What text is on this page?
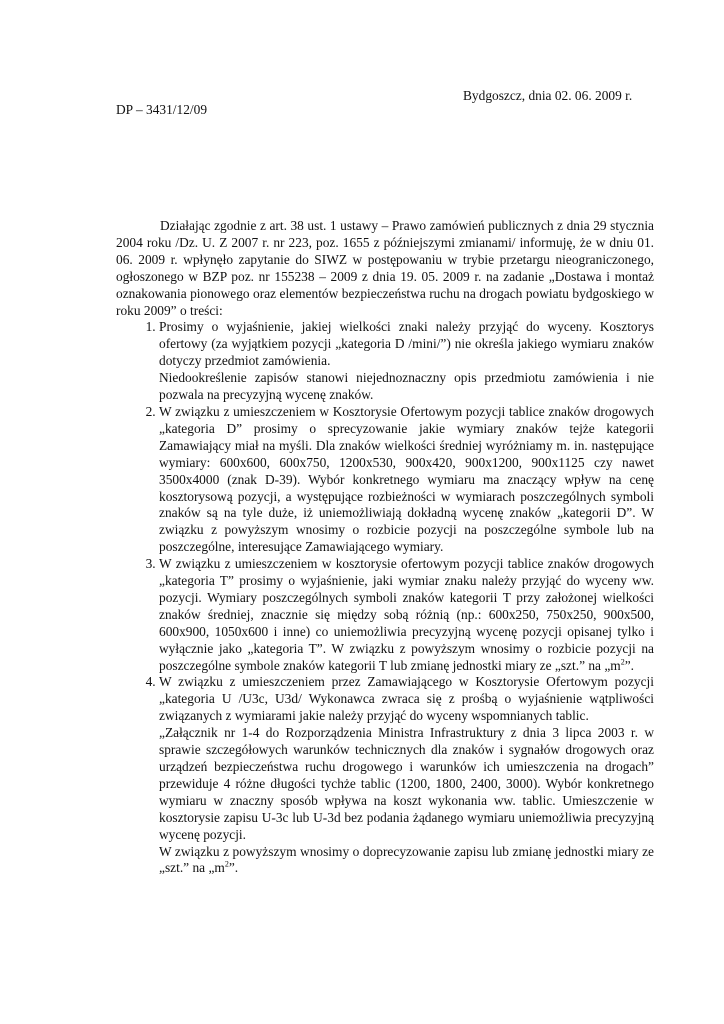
Bydgoszcz, dnia 02. 06. 2009 r.
DP – 3431/12/09

Działając zgodnie z art. 38 ust. 1 ustawy – Prawo zamówień publicznych z dnia 29 stycznia 2004 roku /Dz. U. Z 2007 r. nr 223, poz. 1655 z późniejszymi zmianami/ informuję, że w dniu 01. 06. 2009 r. wpłynęło zapytanie do SIWZ w postępowaniu w trybie przetargu nieograniczonego, ogłoszonego w BZP poz. nr 155238 – 2009 z dnia 19. 05. 2009 r. na zadanie „Dostawa i montaż oznakowania pionowego oraz elementów bezpieczeństwa ruchu na drogach powiatu bydgoskiego w roku 2009” o treści:

1. Prosimy o wyjaśnienie, jakiej wielkości znaki należy przyjąć do wyceny. Kosztorys ofertowy (za wyjątkiem pozycji „kategoria D /mini/”) nie określa jakiego wymiaru znaków dotyczy przedmiot zamówienia.
Niedookreślenie zapisów stanowi niejednoznaczny opis przedmiotu zamówienia i nie pozwala na precyzyjną wycenę znaków.
2. W związku z umieszczeniem w Kosztorysie Ofertowym pozycji tablice znaków drogowych „kategoria D” prosimy o sprecyzowanie jakie wymiary znaków tejże kategorii Zamawiający miał na myśli. Dla znaków wielkości średniej wyróżniamy m. in. następujące wymiary: 600x600, 600x750, 1200x530, 900x420, 900x1200, 900x1125 czy nawet 3500x4000 (znak D-39). Wybór konkretnego wymiaru ma znaczący wpływ na cenę kosztorysową pozycji, a występujące rozbieżności w wymiarach poszczególnych symboli znaków są na tyle duże, iż uniemożliwiają dokładną wycenę znaków „kategorii D”. W związku z powyższym wnosimy o rozbicie pozycji na poszczególne symbole lub na poszczególne, interesujące Zamawiającego wymiary.
3. W związku z umieszczeniem w kosztorysie ofertowym pozycji tablice znaków drogowych „kategoria T” prosimy o wyjaśnienie, jaki wymiar znaku należy przyjąć do wyceny ww. pozycji. Wymiary poszczególnych symboli znaków kategorii T przy założonej wielkości znaków średniej, znacznie się między sobą różnią (np.: 600x250, 750x250, 900x500, 600x900, 1050x600 i inne) co uniemożliwia precyzyjną wycenę pozycji opisanej tylko i wyłącznie jako „kategoria T”. W związku z powyższym wnosimy o rozbicie pozycji na poszczególne symbole znaków kategorii T lub zmianę jednostki miary ze „szt.” na $„m^2$”.
4. W związku z umieszczeniem przez Zamawiającego w Kosztorysie Ofertowym pozycji „kategoria U /U3c, U3d/ Wykonawca zwraca się z prośbą o wyjaśnienie wątpliwości związanych z wymiarami jakie należy przyjąć do wyceny wspomnianych tablic.
„Załącznik nr 1-4 do Rozporządzenia Ministra Infrastruktury z dnia 3 lipca 2003 r. w sprawie szczegółowych warunków technicznych dla znaków i sygnałów drogowych oraz urządzeń bezpieczeństwa ruchu drogowego i warunków ich umieszczenia na drogach” przewiduje 4 różne długości tychże tablic (1200, 1800, 2400, 3000). Wybór konkretnego wymiaru w znaczny sposób wpływa na koszt wykonania ww. tablic. Umieszczenie w kosztorysie zapisu U-3c lub U-3d bez podania żądanego wymiaru uniemożliwia precyzyjną wycenę pozycji.
W związku z powyższym wnosimy o doprecyzowanie zapisu lub zmianę jednostki miary ze „szt.” na $„m^2$”.
